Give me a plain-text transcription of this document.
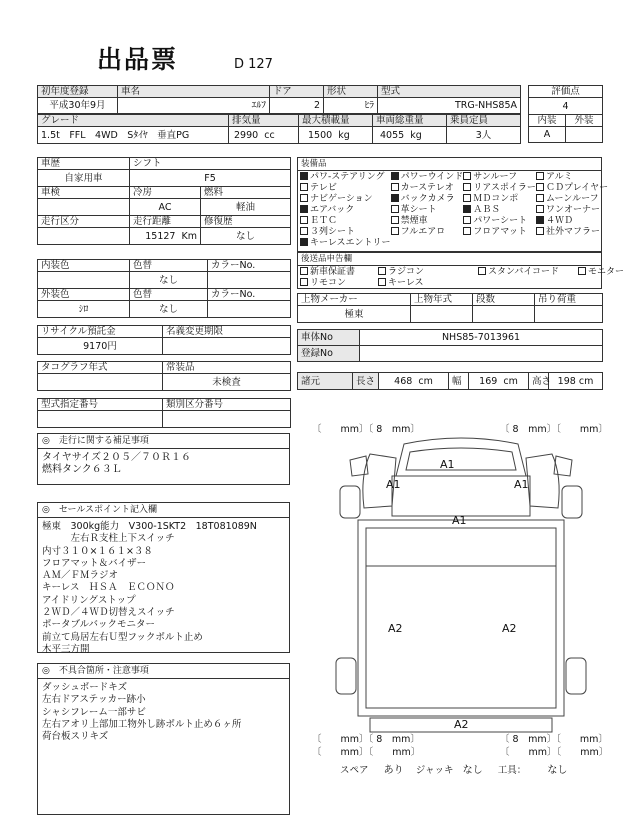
出品票	D 127
初年度登録	車名	ドア	形状	型式
平成30年9月	ｴﾙﾌ	2	ﾋﾗ	TRG-NHS85A
グレード	排気量	最大積載量	車両総重量	乗員定員
1.5t　FFL　4WD　Sﾀｲﾔ　垂直PG	2990 cc	1500 kg	4055 kg	3人
評価点	
4	
内装	外装
A	
車歴	シフト	
自家用車	F5	
車検	冷房	燃料
	AC	軽油
走行区分	走行距離	修復歴
	15127 Km	なし
内装色	色替	カラーNo.
	なし	
外装色	色替	カラーNo.
ｼﾛ	なし	
リサイクル預託金	名義変更期限
9170円	
タコグラフ年式	常装品
	未検査
型式指定番号	類別区分番号

◎　走行に関する補足事項
タイヤサイズ２０５／７０Ｒ１６
燃料タンク６３Ｌ
◎　セールスポイント記入欄
極東　300kg能力　V300-1SKT2　18T081089N
　　　左右Ｒ支柱上下スイッチ
内寸３１０×１６１×３８
フロアマット＆バイザー
ＡＭ／ＦＭラジオ
キーレス　ＨＳＡ　ＥＣＯＮＯ
アイドリングストップ
２ＷＤ／４ＷＤ切替えスイッチ
ポータブルバックモニター
前立て鳥居左右Ｕ型フックボルト止め
木平三方開
◎　不具合箇所・注意事項
ダッシュボードキズ
左右ドアステッカー跡小
シャシフレーム一部サビ
左右アオリ上部加工物外し跡ボルト止め６ヶ所
荷台板スリキズ
装備品
パワ-ステアリング	パワーウインド	サンルーフ	アルミ
テレビ	カーステレオ	リアスポイラー	ＣＤプレイヤー
ナビゲーション	バックカメラ	ＭＤコンポ	ムーンルーフ
エアバック	革シート	ＡＢＳ	ワンオーナー
ＥＴＣ	禁煙車	パワーシート	４ＷＤ
３列シート	フルエアロ	フロアマット	社外マフラー
キーレスエントリー
後送品申告欄
新車保証書	ラジコン	スタンバイコード	モニター
リモコン	キーレス
上物メーカー	上物年式	段数	吊り荷重
極東			
車体No	NHS85-7013961
登録No	
諸元	長さ	468 cm	幅	169 cm	高さ	198 cm
〔　　mm〕〔 8　mm〕	〔 8　mm〕〔　　mm〕
〔　　mm〕〔 8　mm〕
〔　　mm〕〔　　mm〕
〔 8　mm〕〔　　mm〕
〔　　mm〕〔　　mm〕
A1
A1	A1
A1
A2	A2
A2
スペア あり ジャッキ なし 工具： なし
